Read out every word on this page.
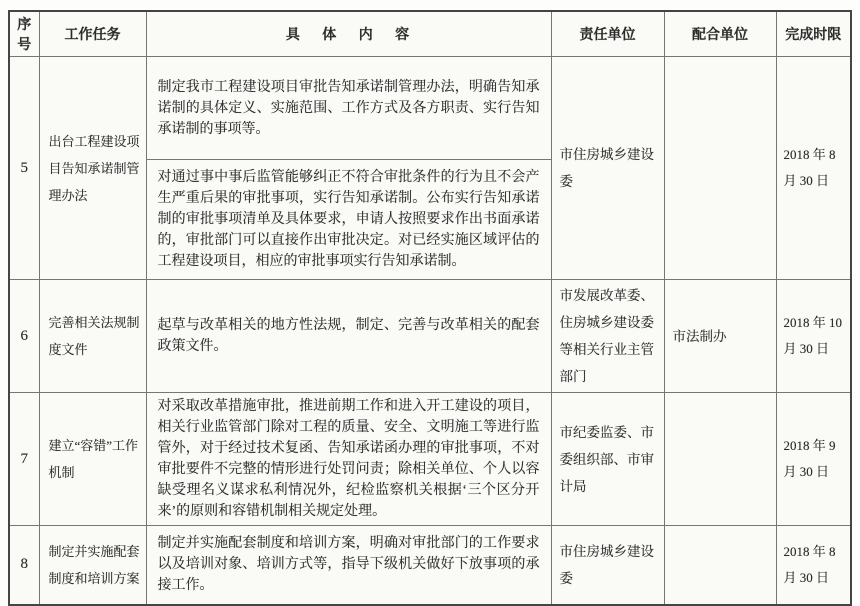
序号	工作任务	具体内容	责任单位	配合单位	完成时限
5	出台工程建设项目告知承诺制管理办法	制定我市工程建设项目审批告知承诺制管理办法，明确告知承诺制的具体定义、实施范围、工作方式及各方职责、实行告知承诺制的事项等。	市住房城乡建设委		2018 年 8 月 30 日
		对通过事中事后监管能够纠正不符合审批条件的行为且不会产生严重后果的审批事项，实行告知承诺制。公布实行告知承诺制的审批事项清单及具体要求，申请人按照要求作出书面承诺的，审批部门可以直接作出审批决定。对已经实施区域评估的工程建设项目，相应的审批事项实行告知承诺制。			
6	完善相关法规制度文件	起草与改革相关的地方性法规，制定、完善与改革相关的配套政策文件。	市发展改革委、住房城乡建设委等相关行业主管部门	市法制办	2018 年 10 月 30 日
7	建立“容错”工作机制	对采取改革措施审批，推进前期工作和进入开工建设的项目，相关行业监管部门除对工程的质量、安全、文明施工等进行监管外，对于经过技术复函、告知承诺函办理的审批事项，不对审批要件不完整的情形进行处罚问责；除相关单位、个人以容缺受理名义谋求私利情况外，纪检监察机关根据‘三个区分开来’的原则和容错机制相关规定处理。	市纪委监委、市委组织部、市审计局		2018 年 9 月 30 日
8	制定并实施配套制度和培训方案	制定并实施配套制度和培训方案，明确对审批部门的工作要求以及培训对象、培训方式等，指导下级机关做好下放事项的承接工作。	市住房城乡建设委		2018 年 8 月 30 日
